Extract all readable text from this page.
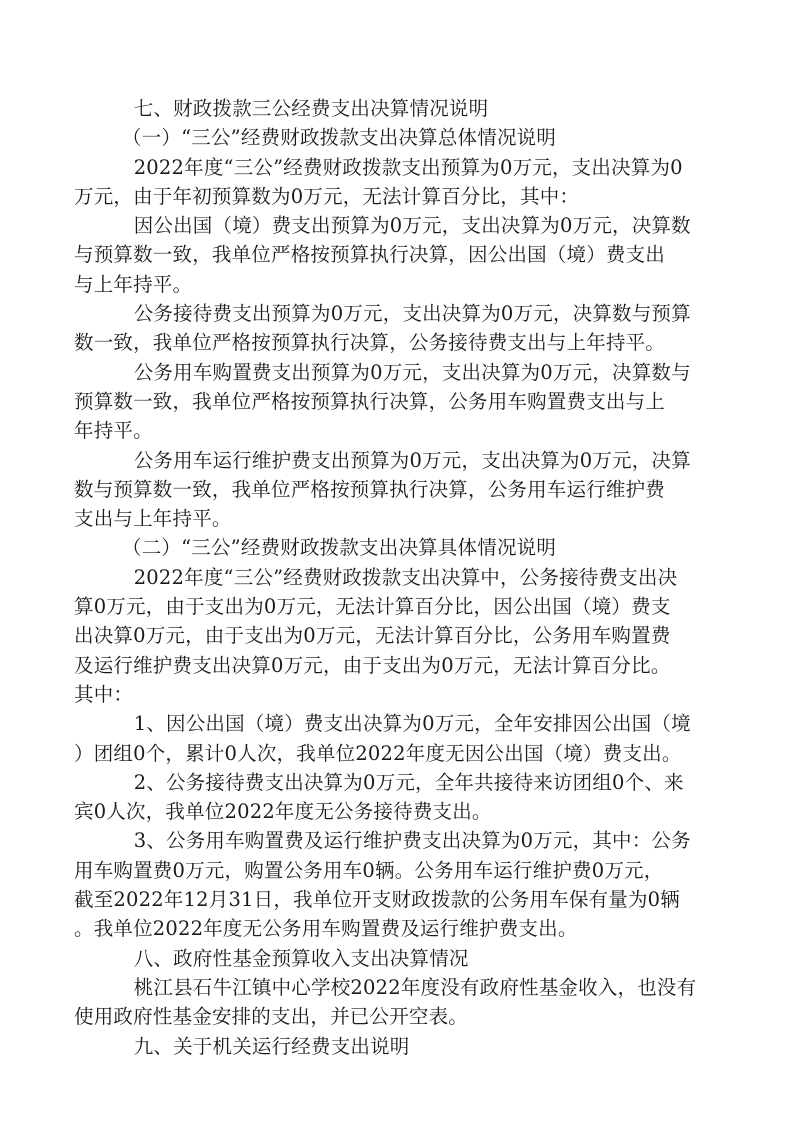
　七、财政拨款三公经费支出决算情况说明
（一）“三公”经费财政拨款支出决算总体情况说明
　2022年度“三公”经费财政拨款支出预算为0万元，支出决算为0
万元，由于年初预算数为0万元，无法计算百分比，其中：
　因公出国（境）费支出预算为0万元，支出决算为0万元，决算数
与预算数一致，我单位严格按预算执行决算，因公出国（境）费支出
与上年持平。
　公务接待费支出预算为0万元，支出决算为0万元，决算数与预算
数一致，我单位严格按预算执行决算，公务接待费支出与上年持平。
　公务用车购置费支出预算为0万元，支出决算为0万元，决算数与
预算数一致，我单位严格按预算执行决算，公务用车购置费支出与上
年持平。
　公务用车运行维护费支出预算为0万元，支出决算为0万元，决算
数与预算数一致，我单位严格按预算执行决算，公务用车运行维护费
支出与上年持平。
（二）“三公”经费财政拨款支出决算具体情况说明
　2022年度“三公”经费财政拨款支出决算中，公务接待费支出决
算0万元，由于支出为0万元，无法计算百分比，因公出国（境）费支
出决算0万元，由于支出为0万元，无法计算百分比，公务用车购置费
及运行维护费支出决算0万元，由于支出为0万元，无法计算百分比。
其中：
　1、因公出国（境）费支出决算为0万元，全年安排因公出国（境
）团组0个，累计0人次，我单位2022年度无因公出国（境）费支出。
　2、公务接待费支出决算为0万元，全年共接待来访团组0个、来
宾0人次，我单位2022年度无公务接待费支出。
　3、公务用车购置费及运行维护费支出决算为0万元，其中：公务
用车购置费0万元，购置公务用车0辆。公务用车运行维护费0万元，
截至2022年12月31日，我单位开支财政拨款的公务用车保有量为0辆
。我单位2022年度无公务用车购置费及运行维护费支出。
　八、政府性基金预算收入支出决算情况
　桃江县石牛江镇中心学校2022年度没有政府性基金收入，也没有
使用政府性基金安排的支出，并已公开空表。
　九、关于机关运行经费支出说明
